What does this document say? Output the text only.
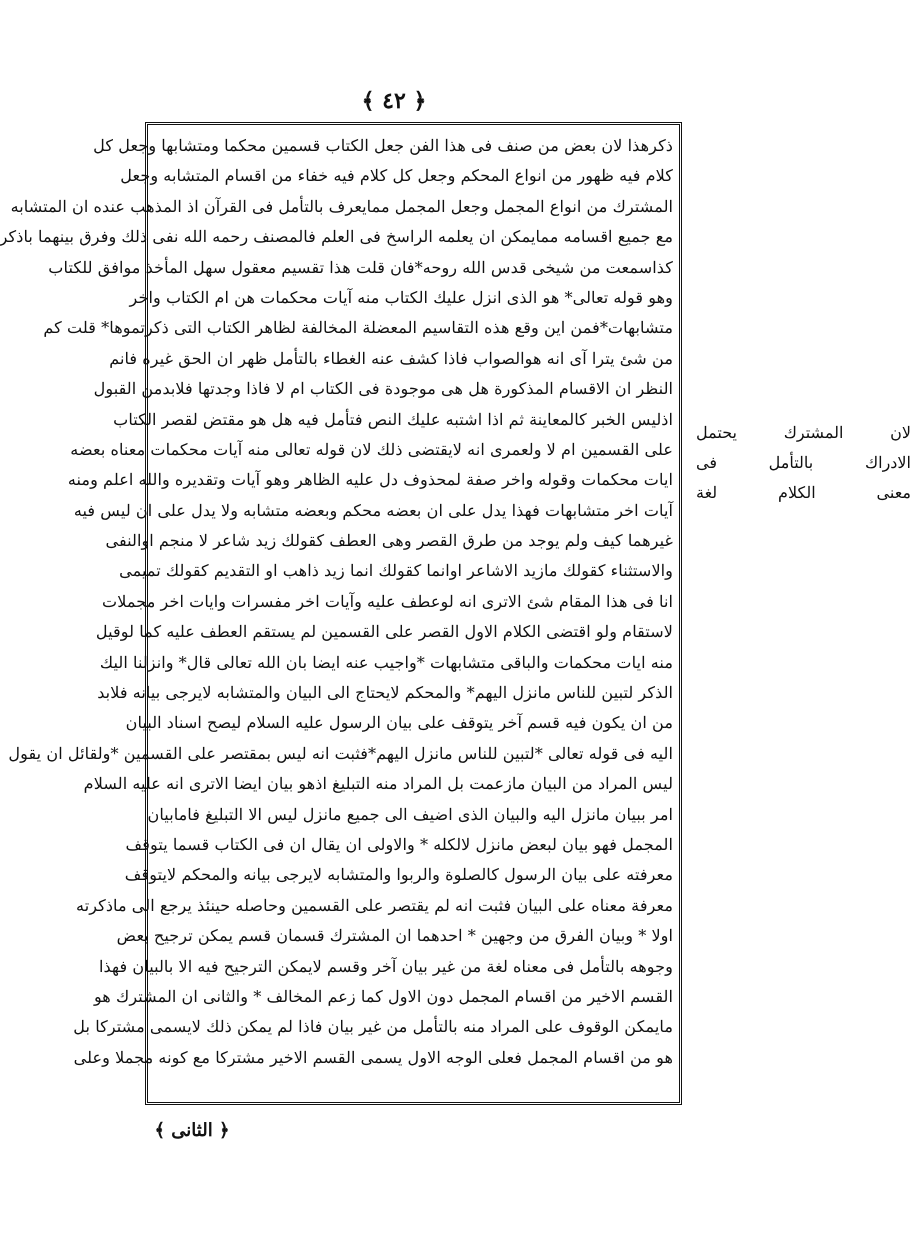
﴿ ٤٢ ﴾
ذكرهذا لان بعض من صنف فى هذا الفن جعل الكتاب قسمين محكما ومتشابها وجعل كل
كلام فيه ظهور من انواع المحكم وجعل كل كلام فيه خفاء من اقسام المتشابه وجعل
المشترك من انواع المجمل وجعل المجمل ممايعرف بالتأمل فى القرآن اذ المذهب عنده ان المتشابه
مع جميع اقسامه ممايمكن ان يعلمه الراسخ فى العلم فالمصنف رحمه الله نفى ذلك وفرق بينهما باذكر
كذاسمعت من شيخى قدس الله روحه*فان قلت هذا تقسيم معقول سهل المأخذ موافق للكتاب
وهو قوله تعالى* هو الذى انزل عليك الكتاب منه آيات محكمات هن ام الكتاب واخر
متشابهات*فمن اين وقع هذه التقاسيم المعضلة المخالفة لظاهر الكتاب التى ذكرتموها* قلت كم
من شئ يترا آى انه هوالصواب فاذا كشف عنه الغطاء بالتأمل ظهر ان الحق غيره فانم
النظر ان الاقسام المذكورة هل هى موجودة فى الكتاب ام لا فاذا وجدتها فلابدمن القبول
اذليس الخبر كالمعاينة ثم اذا اشتبه عليك النص فتأمل فيه هل هو مقتض لقصر الكتاب
على القسمين ام لا ولعمرى انه لايقتضى ذلك لان قوله تعالى منه آيات محكمات معناه بعضه
ايات محكمات وقوله واخر صفة لمحذوف دل عليه الظاهر وهو آيات وتقديره والله اعلم ومنه
آيات اخر متشابهات فهذا يدل على ان بعضه محكم وبعضه متشابه ولا يدل على ان ليس فيه
غيرهما كيف ولم يوجد من طرق القصر وهى العطف كقولك زيد شاعر لا منجم اوالنفى
والاستثناء كقولك مازيد الاشاعر اوانما كقولك انما زيد ذاهب او التقديم كقولك تميمى
انا فى هذا المقام شئ الاترى انه لوعطف عليه وآيات اخر مفسرات وايات اخر مجملات
لاستقام ولو اقتضى الكلام الاول القصر على القسمين لم يستقم العطف عليه كما لوقيل
منه ايات محكمات والباقى متشابهات *واجيب عنه ايضا بان الله تعالى قال* وانزلنا اليك
الذكر لتبين للناس مانزل اليهم* والمحكم لايحتاج الى البيان والمتشابه لايرجى بيانه فلابد
من ان يكون فيه قسم آخر يتوقف على بيان الرسول عليه السلام ليصح اسناد البيان
اليه فى قوله تعالى *لتبين للناس مانزل اليهم*فثبت انه ليس بمقتصر على القسمين *ولقائل ان يقول
ليس المراد من البيان مازعمت بل المراد منه التبليغ اذهو بيان ايضا الاترى انه عليه السلام
امر ببيان مانزل اليه والبيان الذى اضيف الى جميع مانزل ليس الا التبليغ فامابيان
المجمل فهو بيان لبعض مانزل لالكله * والاولى ان يقال ان فى الكتاب قسما يتوقف
معرفته على بيان الرسول كالصلوة والربوا والمتشابه لايرجى بيانه والمحكم لايتوقف
معرفة معناه على البيان فثبت انه لم يقتصر على القسمين وحاصله حينئذ يرجع الى ماذكرته
اولا * وبيان الفرق من وجهين * احدهما ان المشترك قسمان قسم يمكن ترجيح بعض
وجوهه بالتأمل فى معناه لغة من غير بيان آخر وقسم لايمكن الترجيح فيه الا بالبيان فهذا
القسم الاخير من اقسام المجمل دون الاول كما زعم المخالف * والثانى ان المشترك هو
مايمكن الوقوف على المراد منه بالتأمل من غير بيان فاذا لم يمكن ذلك لايسمى مشتركا بل
هو من اقسام المجمل فعلى الوجه الاول يسمى القسم الاخير مشتركا مع كونه مجملا وعلى
لان المشترك يحتمل
الادراك بالتأمل فى
معنى الكلام لغة
﴿ الثانى ﴾
